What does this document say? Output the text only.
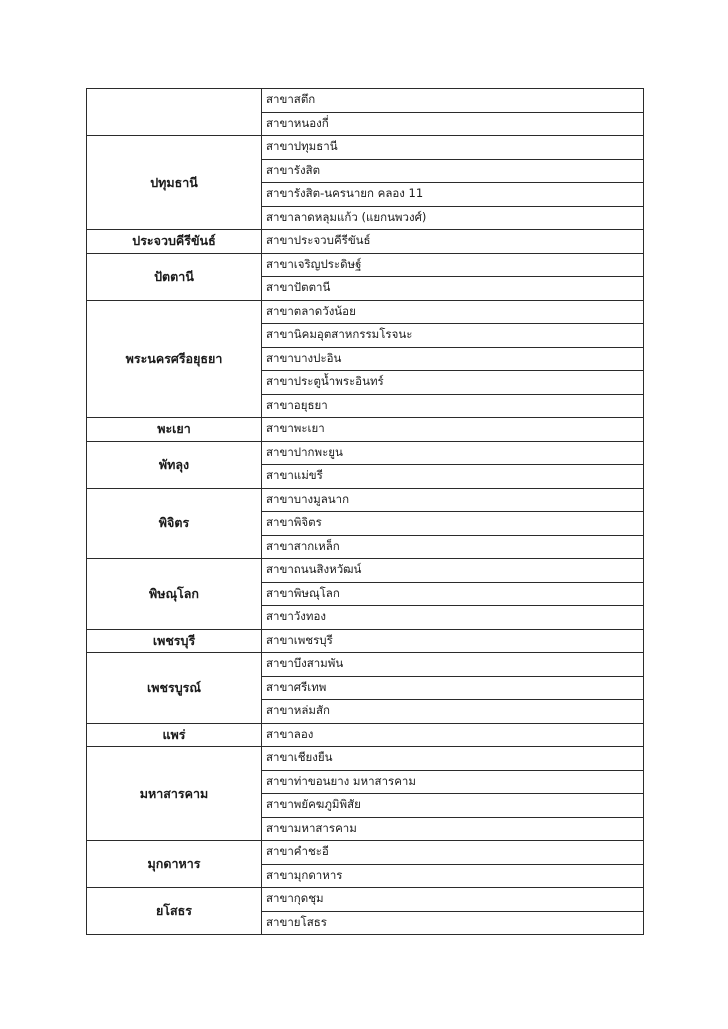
	สาขาสตึก
	สาขาหนองกี่
ปทุมธานี	สาขาปทุมธานี
	สาขารังสิต
	สาขารังสิต-นครนายก คลอง 11
	สาขาลาดหลุมแก้ว (แยกนพวงศ์)
ประจวบคีรีขันธ์	สาขาประจวบคีรีขันธ์
ปัตตานี	สาขาเจริญประดิษฐ์
	สาขาปัตตานี
พระนครศรีอยุธยา	สาขาตลาดวังน้อย
	สาขานิคมอุตสาหกรรมโรจนะ
	สาขาบางปะอิน
	สาขาประตูน้ำพระอินทร์
	สาขาอยุธยา
พะเยา	สาขาพะเยา
พัทลุง	สาขาปากพะยูน
	สาขาแม่ขรี
พิจิตร	สาขาบางมูลนาก
	สาขาพิจิตร
	สาขาสากเหล็ก
พิษณุโลก	สาขาถนนสิงหวัฒน์
	สาขาพิษณุโลก
	สาขาวังทอง
เพชรบุรี	สาขาเพชรบุรี
เพชรบูรณ์	สาขาบึงสามพัน
	สาขาศรีเทพ
	สาขาหล่มสัก
แพร่	สาขาลอง
มหาสารคาม	สาขาเชียงยืน
	สาขาท่าขอนยาง มหาสารคาม
	สาขาพยัคฆภูมิพิสัย
	สาขามหาสารคาม
มุกดาหาร	สาขาคำชะอี
	สาขามุกดาหาร
ยโสธร	สาขากุดชุม
	สาขายโสธร
